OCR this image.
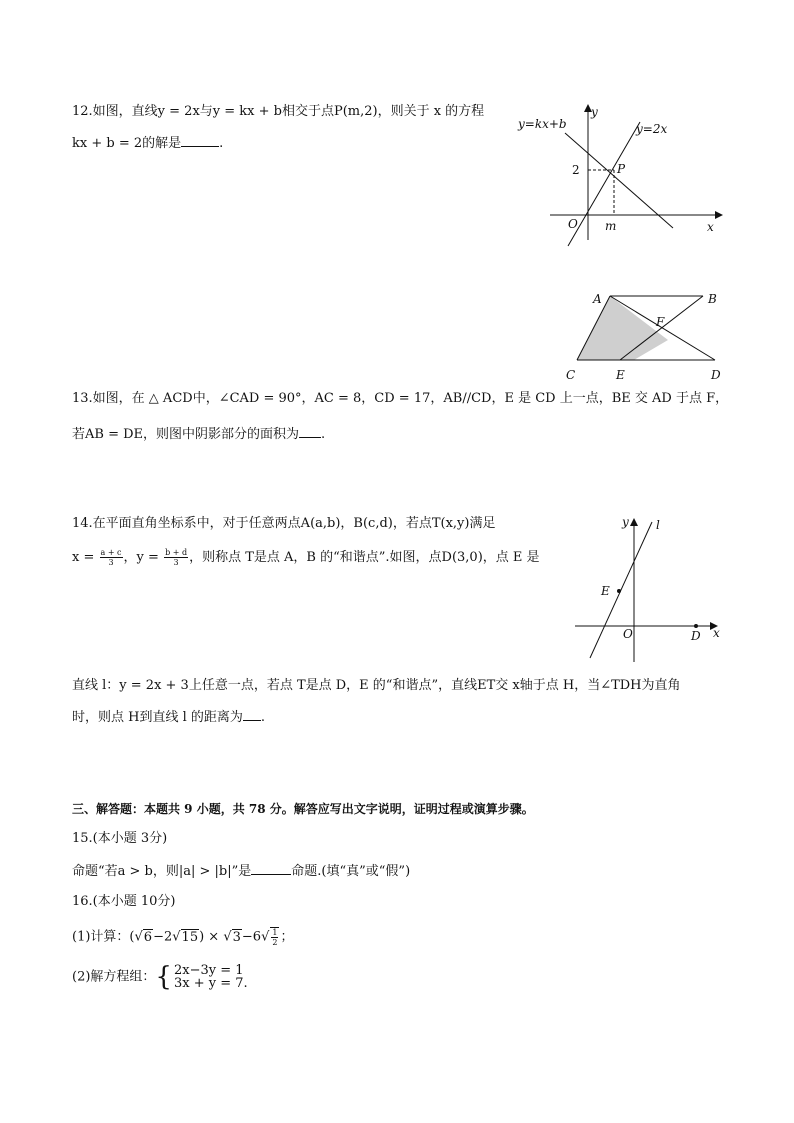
12.如图，直线y = 2x与y = kx + b相交于点P(m,2)，则关于 x 的方程
kx + b = 2的解是	.
y=kx+b	y=2x
y
x
O
2	P
m
A	B
C	D
E
F
13.如图，在 △ ACD中，∠CAD = 90°，AC = 8，CD = 17，AB//CD，E 是 CD 上一点，BE 交 AD 于点 F，
若AB = DE，则图中阴影部分的面积为 .
14.在平面直角坐标系中，对于任意两点A(a,b)，B(c,d)，若点T(x,y)满足
$x = \frac{a + c}{3}$ ，$y = \frac{b + d}{3}$ ，则称点 T是点 A，B 的“和谐点”.如图，点D(3,0)，点 E 是
y l
E
O	D x
直线 l：y = 2x + 3上任意一点，若点 T是点 D，E 的“和谐点”，直线ET交 x轴于点 H，当∠TDH为直角
时，则点 H到直线 l 的距离为 .
三、解答题：本题共 9 小题，共 78 分。解答应写出文字说明，证明过程或演算步骤。
15.(本小题 3分)
命题“若a > b，则|a| > |b|”是	命题.(填“真”或“假”)
16.(本小题 10分)
(1)计算：$(√6-2√15) \times √3-6√ \frac{1}{2}$ ；
(2)解方程组：{ 2x−3y = 1
3x + y = 7.
